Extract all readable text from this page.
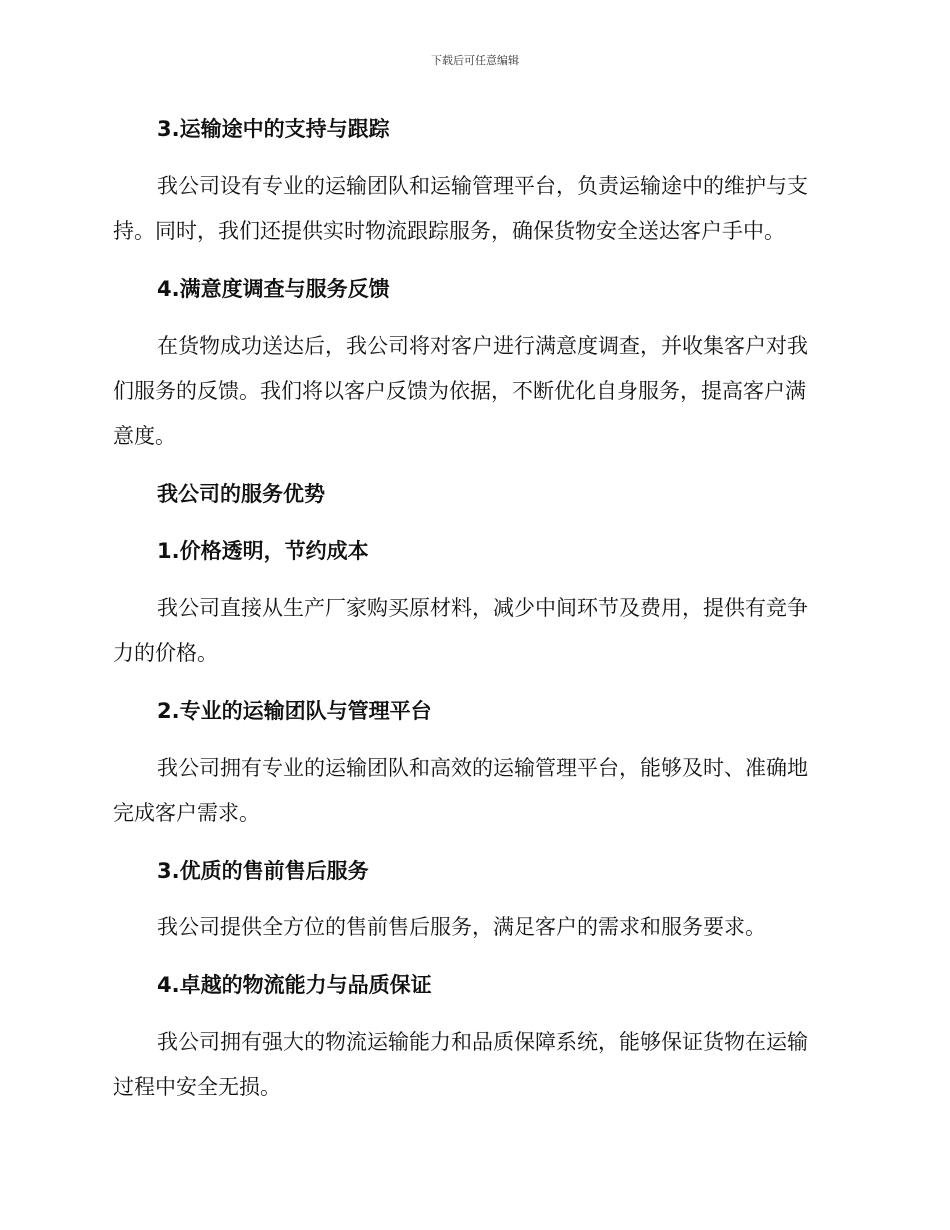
下载后可任意编辑
3.运输途中的支持与跟踪
我公司设有专业的运输团队和运输管理平台，负责运输途中的维护与支
持。同时，我们还提供实时物流跟踪服务，确保货物安全送达客户手中。
4.满意度调查与服务反馈
在货物成功送达后，我公司将对客户进行满意度调查，并收集客户对我
们服务的反馈。我们将以客户反馈为依据，不断优化自身服务，提高客户满
意度。
我公司的服务优势
1.价格透明，节约成本
我公司直接从生产厂家购买原材料，减少中间环节及费用，提供有竞争
力的价格。
2.专业的运输团队与管理平台
我公司拥有专业的运输团队和高效的运输管理平台，能够及时、准确地
完成客户需求。
3.优质的售前售后服务
我公司提供全方位的售前售后服务，满足客户的需求和服务要求。
4.卓越的物流能力与品质保证
我公司拥有强大的物流运输能力和品质保障系统，能够保证货物在运输
过程中安全无损。
